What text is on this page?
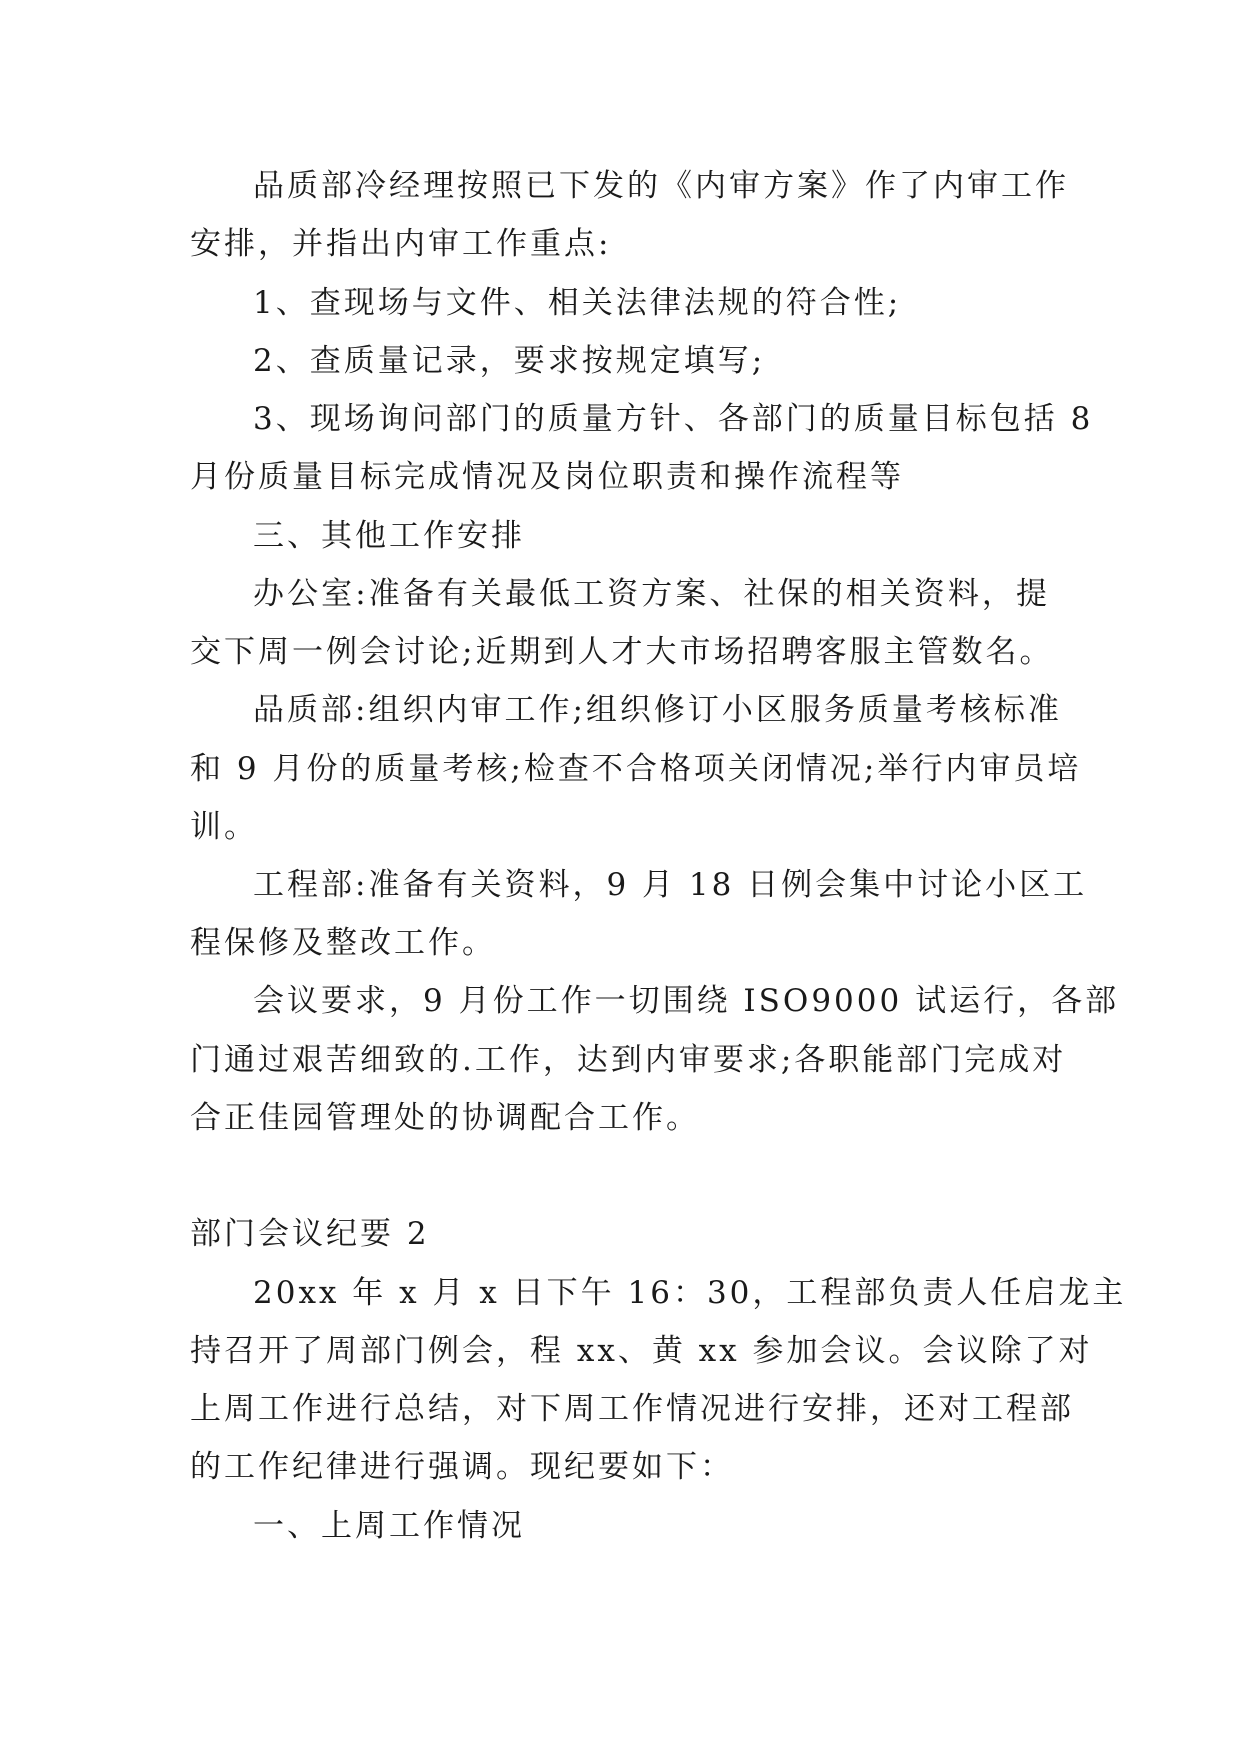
品质部冷经理按照已下发的《内审方案》作了内审工作
安排，并指出内审工作重点:
1、查现场与文件、相关法律法规的符合性;
2、查质量记录，要求按规定填写;
3、现场询问部门的质量方针、各部门的质量目标包括 8
月份质量目标完成情况及岗位职责和操作流程等
三、其他工作安排
办公室:准备有关最低工资方案、社保的相关资料，提
交下周一例会讨论;近期到人才大市场招聘客服主管数名。
品质部:组织内审工作;组织修订小区服务质量考核标准
和 9 月份的质量考核;检查不合格项关闭情况;举行内审员培
训。
工程部:准备有关资料，9 月 18 日例会集中讨论小区工
程保修及整改工作。
会议要求，9 月份工作一切围绕 ISO9000 试运行，各部
门通过艰苦细致的.工作，达到内审要求;各职能部门完成对
合正佳园管理处的协调配合工作。
部门会议纪要 2
20xx 年 x 月 x 日下午 16：30，工程部负责人任启龙主
持召开了周部门例会，程 xx、黄 xx 参加会议。会议除了对
上周工作进行总结，对下周工作情况进行安排，还对工程部
的工作纪律进行强调。现纪要如下：
一、上周工作情况
